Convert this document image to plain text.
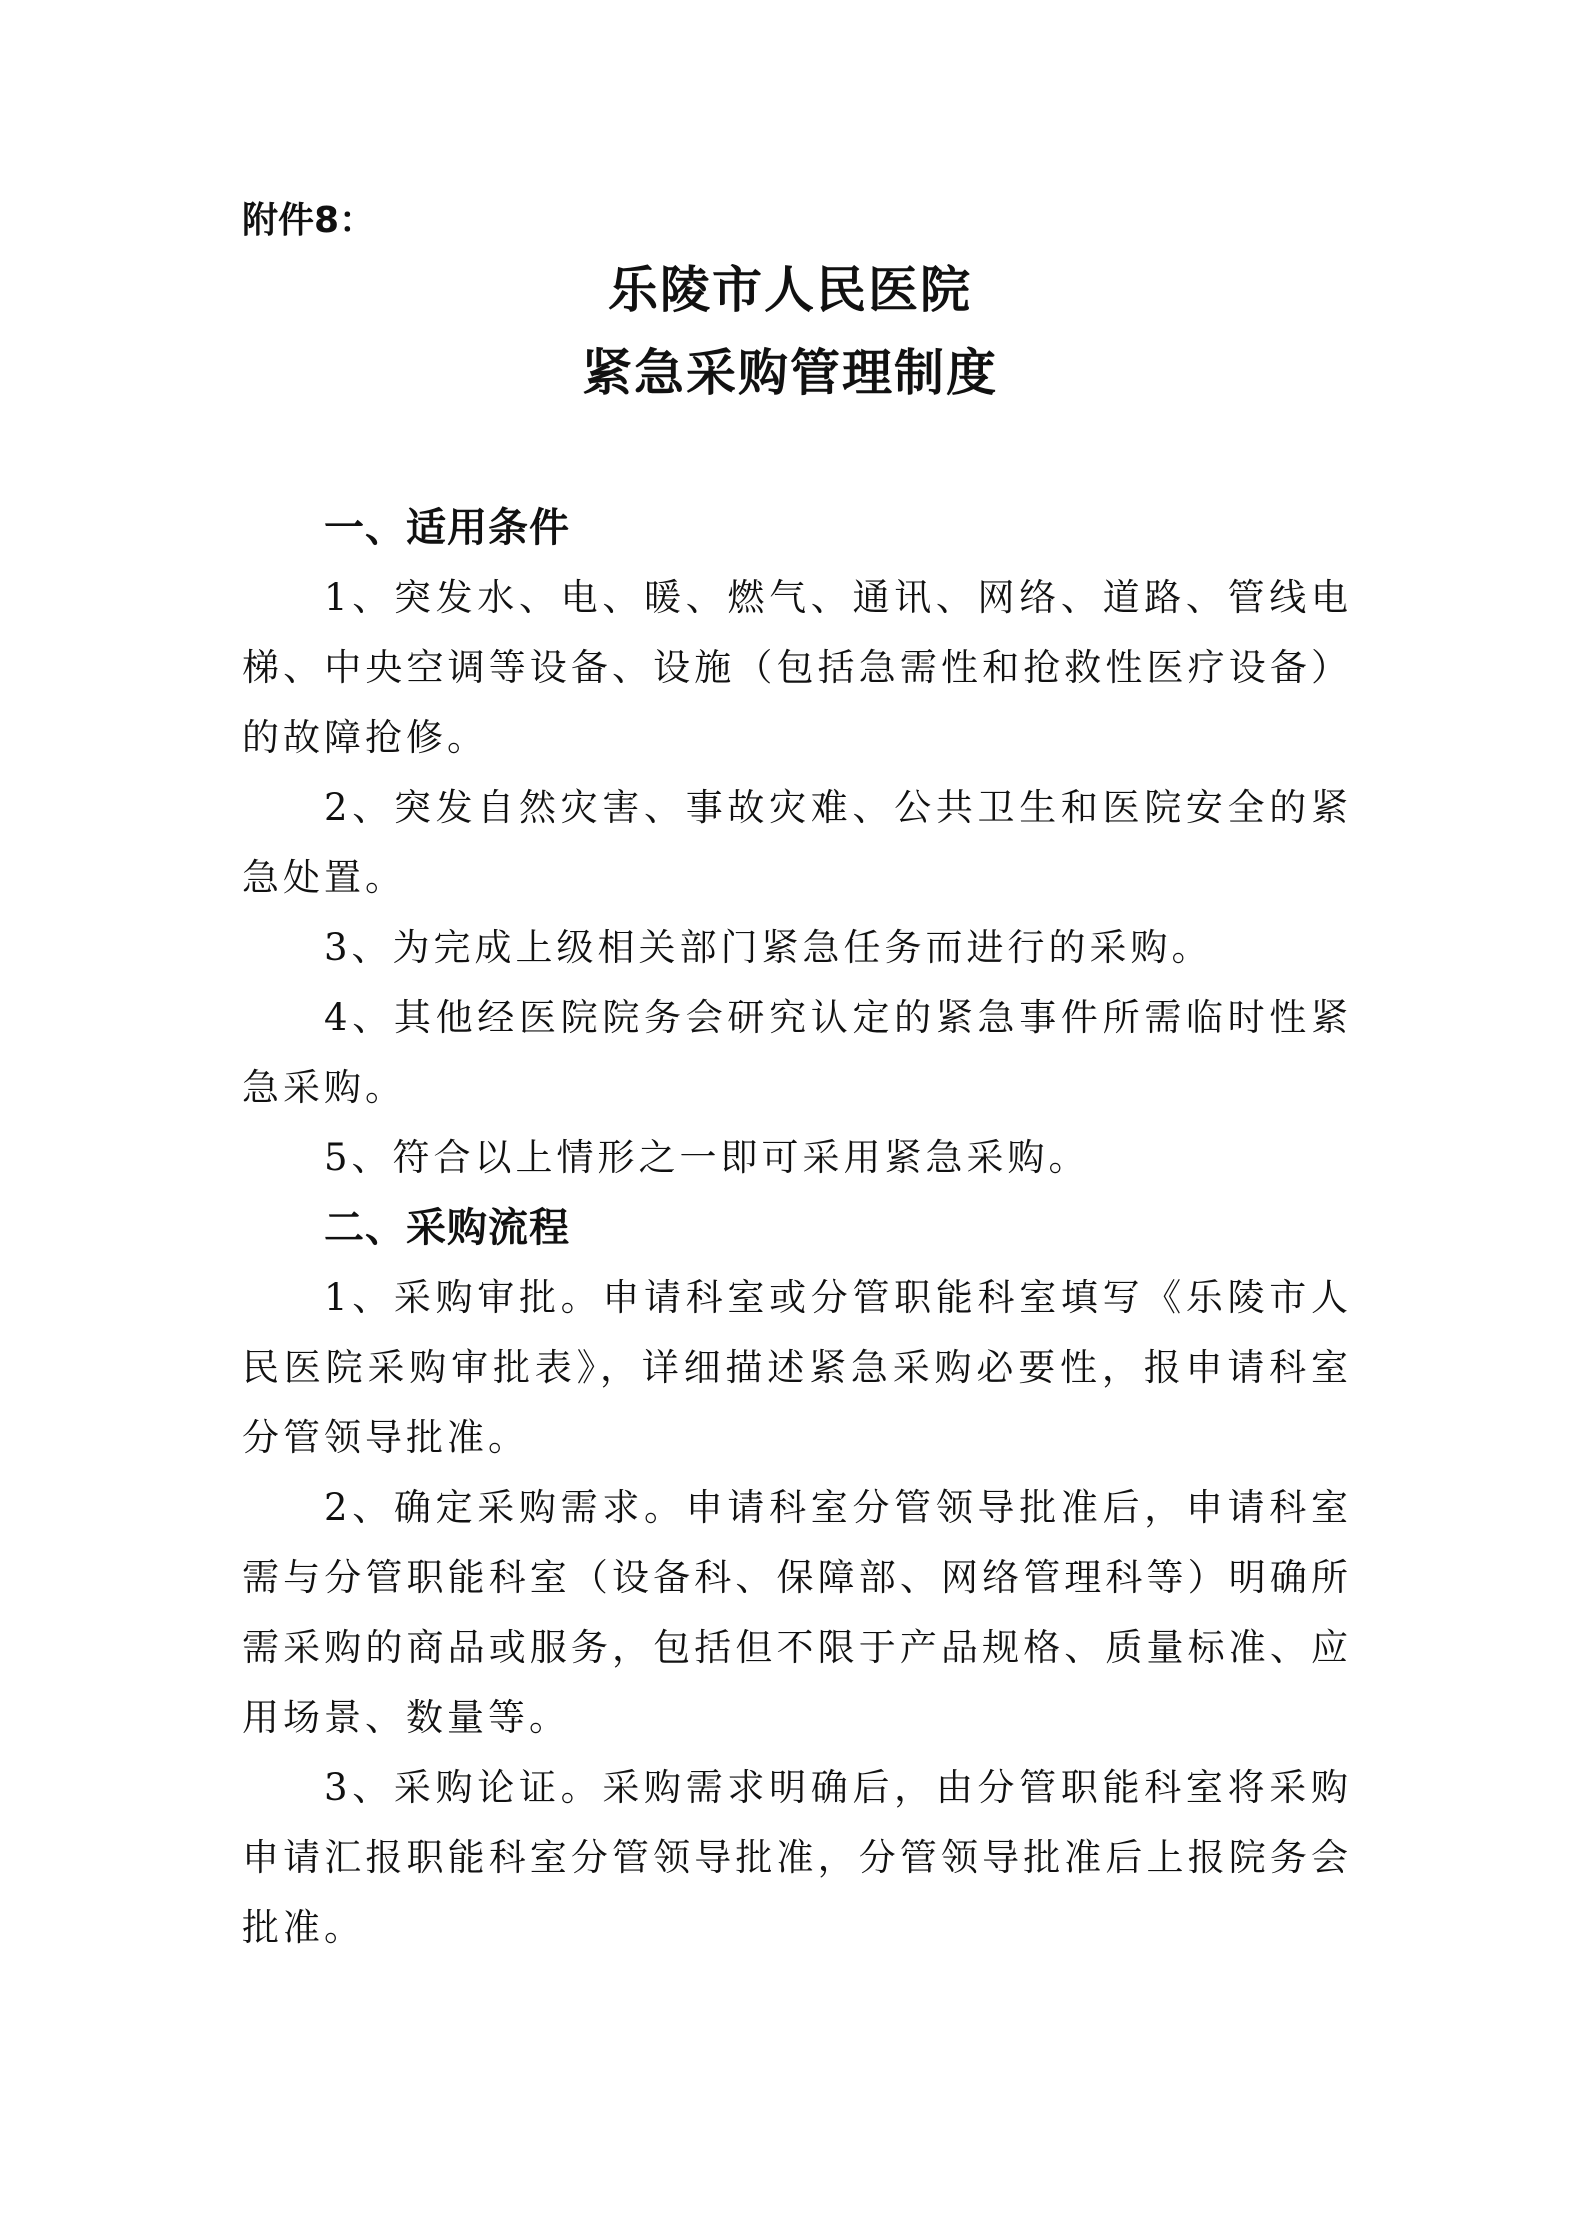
附件8：
乐陵市人民医院
紧急采购管理制度
一、适用条件
1、突发水、电、暖、燃气、通讯、网络、道路、管线电梯、中央空调等设备、设施（包括急需性和抢救性医疗设备）的故障抢修。
2、突发自然灾害、事故灾难、公共卫生和医院安全的紧急处置。
3、为完成上级相关部门紧急任务而进行的采购。
4、其他经医院院务会研究认定的紧急事件所需临时性紧急采购。
5、符合以上情形之一即可采用紧急采购。
二、采购流程
1、采购审批。申请科室或分管职能科室填写《乐陵市人民医院采购审批表》，详细描述紧急采购必要性，报申请科室分管领导批准。
2、确定采购需求。申请科室分管领导批准后，申请科室需与分管职能科室（设备科、保障部、网络管理科等）明确所需采购的商品或服务，包括但不限于产品规格、质量标准、应用场景、数量等。
3、采购论证。采购需求明确后，由分管职能科室将采购申请汇报职能科室分管领导批准，分管领导批准后上报院务会批准。
